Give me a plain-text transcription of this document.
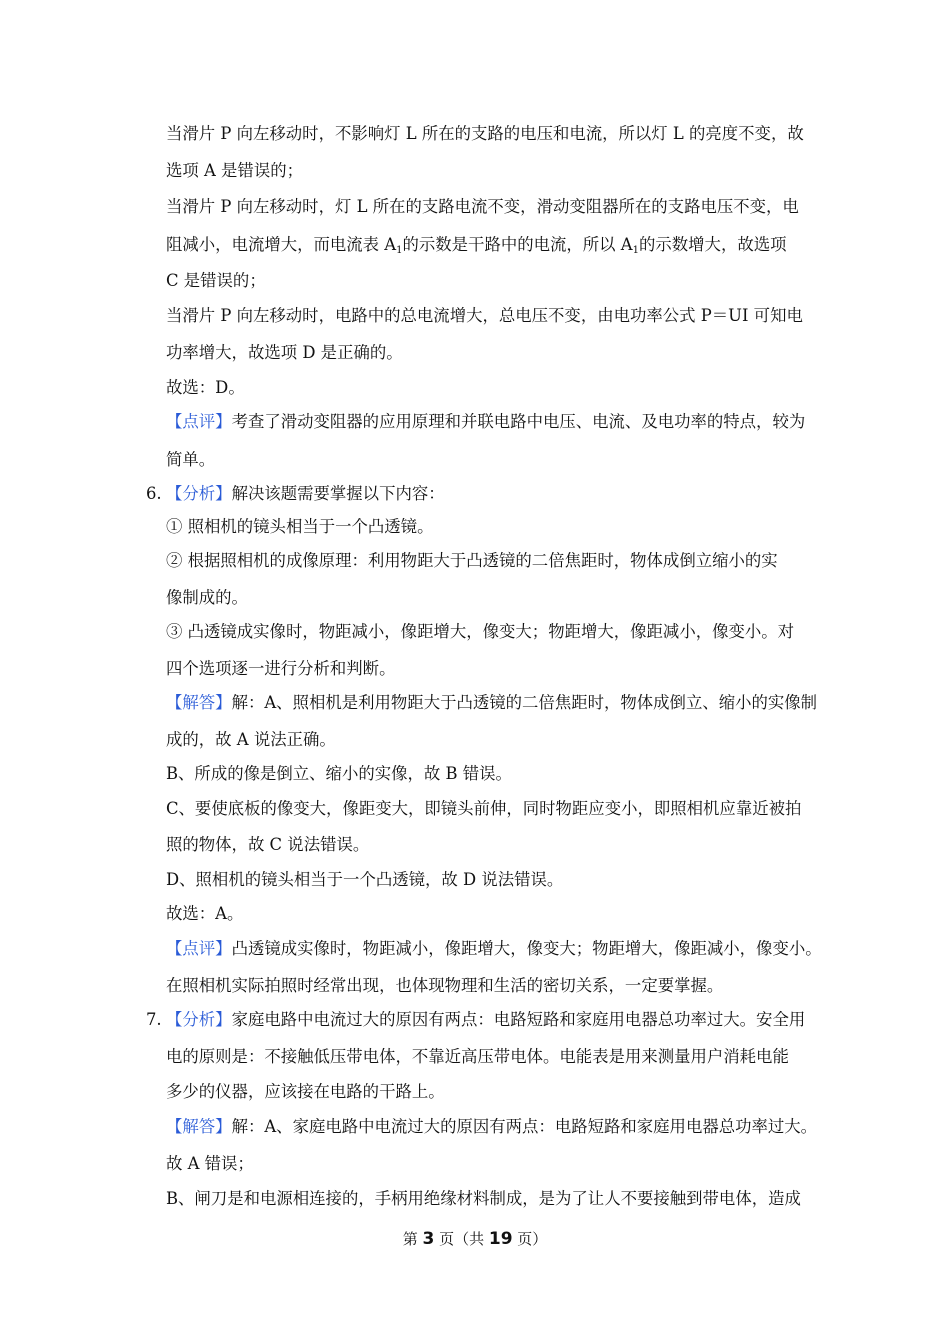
当滑片 P 向左移动时，不影响灯 L 所在的支路的电压和电流，所以灯 L 的亮度不变，故
选项 A 是错误的；
当滑片 P 向左移动时，灯 L 所在的支路电流不变，滑动变阻器所在的支路电压不变，电
阻减小，电流增大，而电流表 $A_1$的示数是干路中的电流，所以 $A_1$的示数增大，故选项
C 是错误的；
当滑片 P 向左移动时，电路中的总电流增大，总电压不变，由电功率公式 P＝UI 可知电
功率增大，故选项 D 是正确的。
故选：D。
【点评】考查了滑动变阻器的应用原理和并联电路中电压、电流、及电功率的特点，较为
简单。
6. 【分析】解决该题需要掌握以下内容：
① 照相机的镜头相当于一个凸透镜。
② 根据照相机的成像原理：利用物距大于凸透镜的二倍焦距时，物体成倒立缩小的实
像制成的。
③ 凸透镜成实像时，物距减小，像距增大，像变大；物距增大，像距减小，像变小。对
四个选项逐一进行分析和判断。
【解答】解：A、照相机是利用物距大于凸透镜的二倍焦距时，物体成倒立、缩小的实像制
成的，故 A 说法正确。
B、所成的像是倒立、缩小的实像，故 B 错误。
C、要使底板的像变大，像距变大，即镜头前伸，同时物距应变小，即照相机应靠近被拍
照的物体，故 C 说法错误。
D、照相机的镜头相当于一个凸透镜，故 D 说法错误。
故选：A。
【点评】凸透镜成实像时，物距减小，像距增大，像变大；物距增大，像距减小，像变小。
在照相机实际拍照时经常出现，也体现物理和生活的密切关系，一定要掌握。
7. 【分析】家庭电路中电流过大的原因有两点：电路短路和家庭用电器总功率过大。安全用
电的原则是：不接触低压带电体，不靠近高压带电体。电能表是用来测量用户消耗电能
多少的仪器，应该接在电路的干路上。
【解答】解：A、家庭电路中电流过大的原因有两点：电路短路和家庭用电器总功率过大。
故 A 错误；
B、闸刀是和电源相连接的，手柄用绝缘材料制成，是为了让人不要接触到带电体，造成
第 3 页（共 19 页）
